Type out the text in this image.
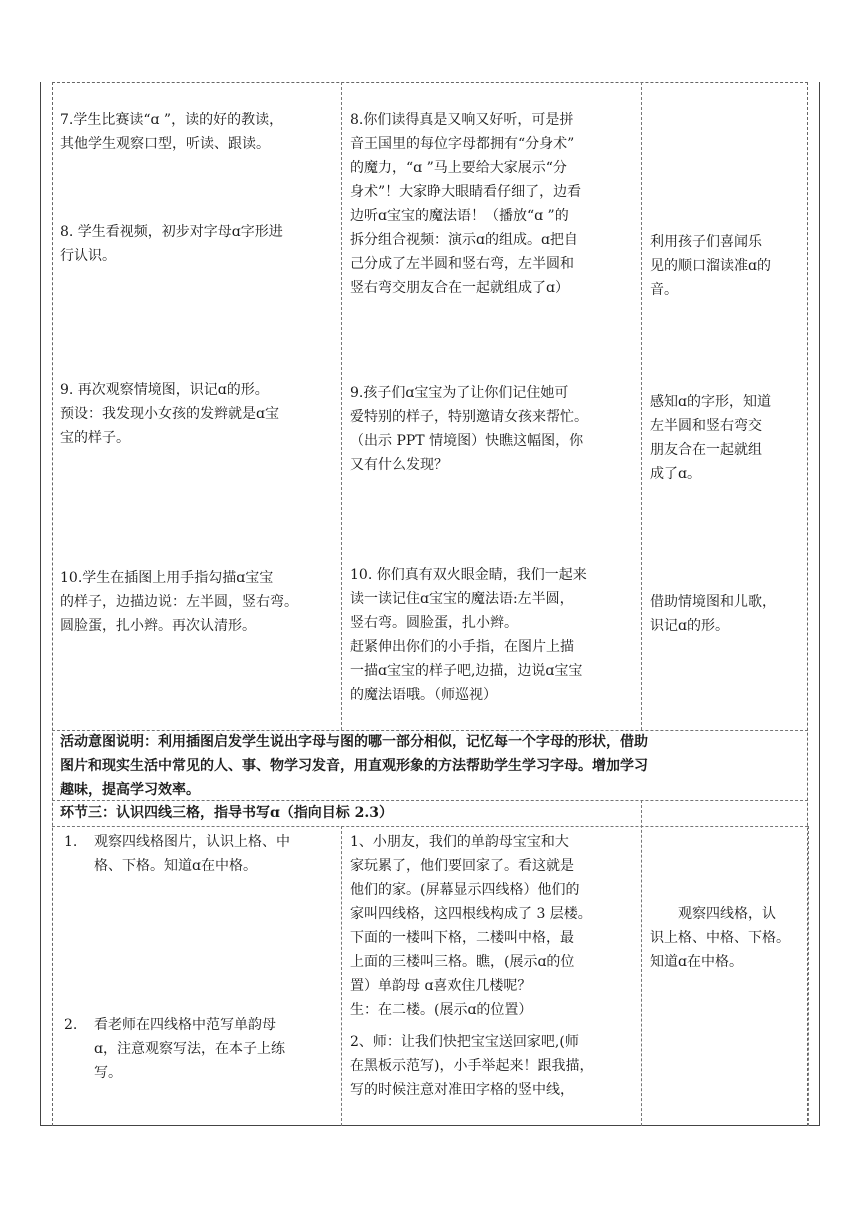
7.学生比赛读“ɑ ”，读的好的教读，
其他学生观察口型，听读、跟读。
8. 学生看视频，初步对字母ɑ字形进
行认识。
9. 再次观察情境图，识记ɑ的形。
预设：我发现小女孩的发辫就是ɑ宝
宝的样子。
10.学生在插图上用手指勾描ɑ宝宝
的样子，边描边说：左半圆，竖右弯。
圆脸蛋，扎小辫。再次认清形。
8.你们读得真是又响又好听，可是拼
音王国里的每位字母都拥有“分身术”
的魔力，“ɑ ”马上要给大家展示“分
身术”！大家睁大眼睛看仔细了，边看
边听ɑ宝宝的魔法语！（播放“ɑ ”的
拆分组合视频：演示ɑ的组成。ɑ把自
己分成了左半圆和竖右弯，左半圆和
竖右弯交朋友合在一起就组成了ɑ）
9.孩子们ɑ宝宝为了让你们记住她可
爱特别的样子，特别邀请女孩来帮忙。
（出示 PPT 情境图）快瞧这幅图，你
又有什么发现？
10. 你们真有双火眼金睛，我们一起来
读一读记住ɑ宝宝的魔法语:左半圆，
竖右弯。圆脸蛋，扎小辫。
赶紧伸出你们的小手指，在图片上描
一描ɑ宝宝的样子吧,边描，边说ɑ宝宝
的魔法语哦。（师巡视）
利用孩子们喜闻乐
见的顺口溜读准ɑ的
音。
感知ɑ的字形，知道
左半圆和竖右弯交
朋友合在一起就组
成了ɑ。
借助情境图和儿歌，
识记ɑ的形。
活动意图说明：利用插图启发学生说出字母与图的哪一部分相似，记忆每一个字母的形状，借助
图片和现实生活中常见的人、事、物学习发音，用直观形象的方法帮助学生学习字母。增加学习
趣味，提高学习效率。
环节三：认识四线三格，指导书写ɑ（指向目标 2.3）
1. 观察四线格图片，认识上格、中
格、下格。知道ɑ在中格。
2. 看老师在四线格中范写单韵母
ɑ，注意观察写法，在本子上练
写。
1、小朋友，我们的单韵母宝宝和大
家玩累了，他们要回家了。看这就是
他们的家。(屏幕显示四线格）他们的
家叫四线格，这四根线构成了 3 层楼。
下面的一楼叫下格，二楼叫中格，最
上面的三楼叫三格。瞧，(展示ɑ的位
置）单韵母 ɑ喜欢住几楼呢？
生：在二楼。(展示ɑ的位置）
2、师：让我们快把宝宝送回家吧,(师
在黑板示范写)，小手举起来！跟我描，
写的时候注意对准田字格的竖中线，
观察四线格，认
识上格、中格、下格。
知道ɑ在中格。
